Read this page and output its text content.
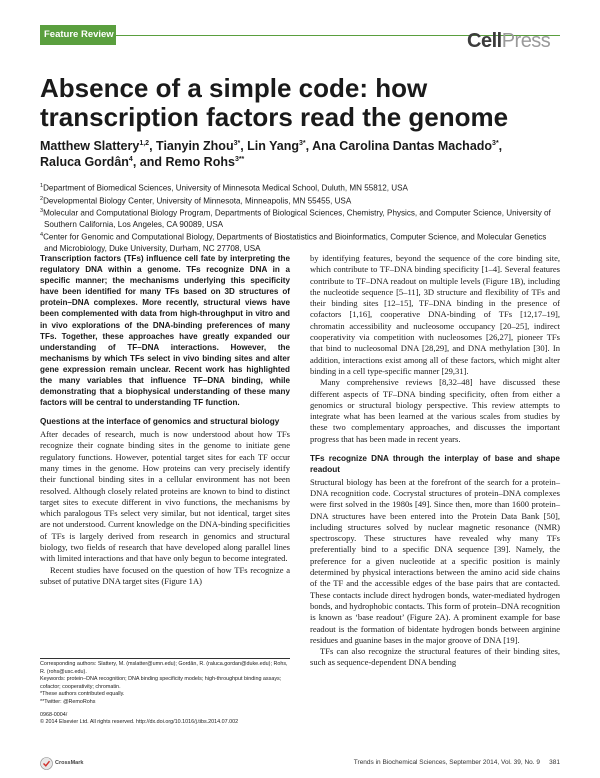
Feature Review	CellPress
Absence of a simple code: how
transcription factors read the genome
Matthew Slattery$^{1,2}$, Tianyin Zhou$^{3*}$, Lin Yang$^{3*}$, Ana Carolina Dantas Machado$^{3*}$,
Raluca Gordân$^4$, and Remo Rohs$^{3**}$

$^1$Department of Biomedical Sciences, University of Minnesota Medical School, Duluth, MN 55812, USA

$^2$Developmental Biology Center, University of Minnesota, Minneapolis, MN 55455, USA

$^3$Molecular and Computational Biology Program, Departments of Biological Sciences, Chemistry, Physics, and Computer Science, University of Southern California, Los Angeles, CA 90089, USA

$^4$Center for Genomic and Computational Biology, Departments of Biostatistics and Bioinformatics, Computer Science, and Molecular Genetics and Microbiology, Duke University, Durham, NC 27708, USA

Transcription factors (TFs) influence cell fate by interpreting the regulatory DNA within a genome. TFs recognize DNA in a specific manner; the mechanisms underlying this specificity have been identified for many TFs based on 3D structures of protein–DNA complexes. More recently, structural views have been complemented with data from high-throughput in vitro and in vivo explorations of the DNA-binding preferences of many TFs. Together, these approaches have greatly expanded our understanding of TF–DNA interactions. However, the mechanisms by which TFs select in vivo binding sites and alter gene expression remain unclear. Recent work has highlighted the many variables that influence TF–DNA binding, while demonstrating that a biophysical understanding of these many factors will be central to understanding TF function.

Questions at the interface of genomics and structural biology

After decades of research, much is now understood about how TFs recognize their cognate binding sites in the genome to initiate gene regulatory functions. However, potential target sites for each TF occur many times in the genome. How proteins can very precisely identify their functional binding sites in a cellular environment has not been resolved. Although closely related proteins are known to bind to distinct target sites to execute different in vivo functions, the mechanisms by which paralogous TFs select very similar, but not identical, target sites are not understood. Current knowledge on the DNA-binding specificities of TFs is largely derived from research in genomics and structural biology, two fields of research that have developed along parallel lines with limited interactions and that have only begun to become integrated.

Recent studies have focused on the question of how TFs recognize a subset of putative DNA target sites (Figure 1A)

by identifying features, beyond the sequence of the core binding site, which contribute to TF–DNA binding specificity [1–4]. Several features contribute to TF–DNA readout on multiple levels (Figure 1B), including the nucleotide sequence [5–11], 3D structure and flexibility of TFs and their binding sites [12–15], TF–DNA binding in the presence of cofactors [1,16], cooperative DNA-binding of TFs [12,17–19], chromatin accessibility and nucleosome occupancy [20–25], indirect cooperativity via competition with nucleosomes [26,27], pioneer TFs that bind to nucleosomal DNA [28,29], and DNA methylation [30]. In addition, interactions exist among all of these factors, which might alter binding in a cell type-specific manner [29,31].

Many comprehensive reviews [8,32–48] have discussed these different aspects of TF–DNA binding specificity, often from either a genomics or structural biology perspective. This review attempts to integrate what has been learned at the various scales from studies by these two complementary approaches, and discusses the important progress that has been made in recent years.

TFs recognize DNA through the interplay of base and shape readout

Structural biology has been at the forefront of the search for a protein–DNA recognition code. Cocrystal structures of protein–DNA complexes were first solved in the 1980s [49]. Since then, more than 1600 protein–DNA structures have been entered into the Protein Data Bank [50], including structures solved by nuclear magnetic resonance (NMR) spectroscopy. These structures have revealed why many TFs preferentially bind to a specific DNA sequence [39]. Namely, the preference for a given nucleotide at a specific position is mainly determined by physical interactions between the amino acid side chains of the TF and the accessible edges of the base pairs that are contacted. These contacts include direct hydrogen bonds, water-mediated hydrogen bonds, and hydrophobic contacts. This form of protein–DNA recognition is known as ‘base readout’ (Figure 2A). A prominent example for base readout is the formation of bidentate hydrogen bonds between arginine residues and guanine bases in the major groove of DNA [19].

TFs can also recognize the structural features of their binding sites, such as sequence-dependent DNA bending

Corresponding authors: Slattery, M. (mslatter@umn.edu); Gordân, R. (raluca.gordan@duke.edu); Rohs, R. (rohs@usc.edu).

Keywords: protein–DNA recognition; DNA binding specificity models; high-throughput binding assays; cofactor; cooperativity; chromatin.

*These authors contributed equally.

**Twitter: @RemoRohs

0968-0004/

© 2014 Elsevier Ltd. All rights reserved. http://dx.doi.org/10.1016/j.tibs.2014.07.002

CrossMark	Trends in Biochemical Sciences, September 2014, Vol. 39, No. 9	381
